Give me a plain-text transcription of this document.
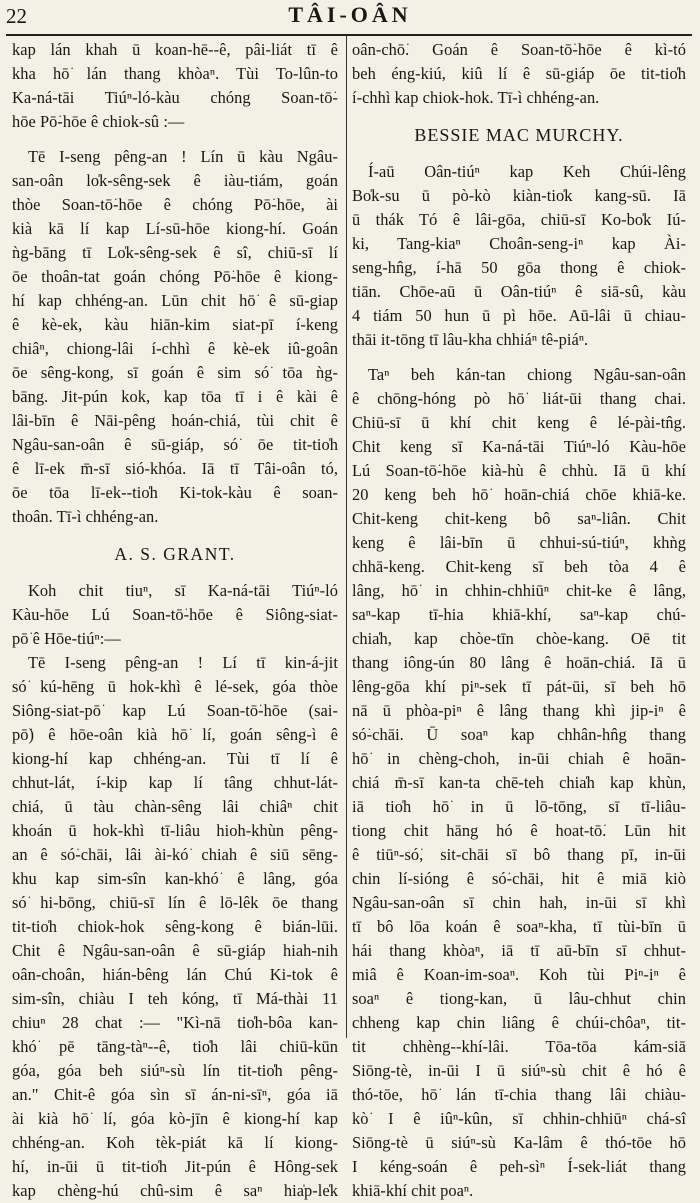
22	TÂI-OÂN
kap lán khah ū koan-hē--ê, pâi-liát tī ê
kha hō͘ lán thang khòaⁿ. Tùi To-lûn-to
Ka-ná-tāi Tiúⁿ-ló-kàu chóng Soan-tō͘-
hōe Pō͘-hōe ê chiok-sû :—
Tē I-seng pêng-an ! Lín ū kàu Ngâu-
san-oân lo̍k-sêng-sek ê iàu-tiám, goán
thòe Soan-tō͘-hōe ê chóng Pō͘-hōe, ài
kià kā lí kap Lí-sū-hōe kiong-hí. Goán
ǹg-bāng tī Lo̍k-sêng-sek ê sî, chiū-sī lí
ōe thoân-tat goán chóng Pō͘-hōe ê kiong-
hí kap chhéng-an. Lūn chit hō͘ ê sū-giap
ê kè-ek, kàu hiān-kim siat-pī í-keng
chiâⁿ, chiong-lâi í-chhì ê kè-ek iû-goân
ōe sêng-kong, sī goán ê sim só͘ tōa ǹg-
bāng. Jit-pún kok, kap tōa tī i ê kài ê
lâi-bīn ê Nāi-pêng hoán-chiá, tùi chit ê
Ngâu-san-oân ê sū-giáp, só͘ ōe tit-tio̍h
ê lī-ek m̄-sī sió-khóa. Iā tī Tâi-oân tó,
ōe tōa lī-ek--tio̍h Ki-tok-kàu ê soan-
thoân. Tī-ì chhéng-an.
A. S. GRANT.
Koh chit tiuⁿ, sī Ka-ná-tāi Tiúⁿ-ló
Kàu-hōe Lú Soan-tō͘-hōe ê Siông-siat-
pō͘ ê Hōe-tiúⁿ:—
Tē I-seng pêng-an ! Lí tī kin-á-jit
só͘ kú-hēng ū hok-khì ê lé-sek, góa thòe
Siông-siat-pō͘ kap Lú Soan-tō͘-hōe (sai-
pō͘) ê hōe-oân kià hō͘ lí, goán sêng-ì ê
kiong-hí kap chhéng-an. Tùi tī lí ê
chhut-lát, í-kip kap lí tâng chhut-lát-
chiá, ū tàu chàn-sêng lâi chiâⁿ chit
khoán ū hok-khì tī-liâu hioh-khùn pêng-
an ê só͘-chāi, lâi ài-kó͘ chiah ê siū sēng-
khu kap sim-sîn kan-khó͘ ê lâng, góa
só͘ hi-bōng, chiū-sī lín ê lō-lêk ōe thang
tit-tio̍h chiok-hok sêng-kong ê bián-lūi.
Chit ê Ngâu-san-oân ê sū-giáp hiah-nih
oân-choân, hián-bêng lán Chú Ki-tok ê
sim-sîn, chiàu I teh kóng, tī Má-thài 11
chiuⁿ 28 chat :— "Kì-nā tio̍h-bôa kan-
khó͘ pē tāng-tàⁿ--ê, tio̍h lâi chiū-kūn
góa, góa beh siúⁿ-sù lín tit-tio̍h pêng-
an." Chit-ê góa sìn sī án-ni-sīⁿ, góa iā
ài kià hō͘ lí, góa kò-jīn ê kiong-hí kap
chhéng-an. Koh tèk-piát kā lí kiong-
hí, in-ūi ū tit-tio̍h Jit-pún ê Hông-sek
kap chèng-hú chû-sim ê saⁿ hia̍p-le̍k
oân-chō͘. Goán ê Soan-tō͘-hōe ê kì-tó
beh éng-kiú, kiû lí ê sū-giáp ōe tit-tio̍h
í-chhì kap chiok-hok. Tī-ì chhéng-an.
BESSIE MAC MURCHY.
Í-aū Oân-tiúⁿ kap Keh Chúi-lêng
Bo̍k-su ū pò-kò kiàn-tio̍k kang-sū. Iā
ū thák Tó ê lâi-gōa, chiū-sī Ko-bo̍k Iú-
ki, Tang-kiaⁿ Choân-seng-iⁿ kap Ài-
seng-hn̂g, í-hā 50 gōa thong ê chiok-
tiān. Chōe-aū ū Oân-tiúⁿ ê siā-sû, kàu
4 tiám 50 hun ū pì hōe. Aū-lâi ū chiau-
thāi it-tōng tī lâu-kha chhiáⁿ tê-piáⁿ.
Taⁿ beh kán-tan chiong Ngâu-san-oân
ê chōng-hóng pò hō͘ liát-ūi thang chai.
Chiū-sī ū khí chit keng ê lé-pài-tn̂g.
Chit keng sī Ka-ná-tāi Tiúⁿ-ló Kàu-hōe
Lú Soan-tō͘-hōe kià-hù ê chhù. Iā ū khí
20 keng beh hō͘ hoān-chiá chōe khiā-ke.
Chit-keng chit-keng bô saⁿ-liân. Chit
keng ê lâi-bīn ū chhui-sú-tiúⁿ, khǹg
chhā-keng. Chit-keng sī beh tòa 4 ê
lâng, hō͘ in chhin-chhiūⁿ chit-ke ê lâng,
saⁿ-kap tī-hia khiā-khí, saⁿ-kap chú-
chia̍h, kap chòe-tīn chòe-kang. Oē tit
thang iông-ún 80 lâng ê hoān-chiá. Iā ū
lêng-gōa khí piⁿ-sek tī pát-ūi, sī beh hō͘
nā ū phòa-piⁿ ê lâng thang khì jip-iⁿ ê
só͘-chāi. Ū soaⁿ kap chhân-hn̂g thang
hō͘ in chèng-choh, in-ūi chiah ê hoān-
chiá m̄-sī kan-ta chē-teh chia̍h kap khùn,
iā tio̍h hō͘ in ū lō-tōng, sī tī-liâu-
tiong chit hāng hó ê hoat-tō͘. Lūn hit
ê tiūⁿ-só͘, sit-chāi sī bô thang pī, in-ūi
chin lí-sióng ê só͘-chāi, hit ê miā kiò
Ngâu-san-oân sī chin hah, in-ūi sī khì
tī bô lōa koán ê soaⁿ-kha, tī tùi-bīn ū
hái thang khòaⁿ, iā tī aū-bīn sī chhut-
miâ ê Koan-im-soaⁿ. Koh tùi Piⁿ-iⁿ ê
soaⁿ ê tiong-kan, ū lâu-chhut chin
chheng kap chin liâng ê chúi-chôaⁿ, tit-
tit chhèng--khí-lâi. Tōa-tōa kám-siā
Siōng-tè, in-ūi I ū siúⁿ-sù chit ê hó ê
thó-tōe, hō͘ lán tī-chia thang lâi chiàu-
kò͘ I ê iûⁿ-kûn, sī chhin-chhiūⁿ chá-sî
Siōng-tè ū siúⁿ-sù Ka-lâm ê thó-tōe hō͘
I kéng-soán ê peh-sìⁿ Í-sek-liát thang
khiā-khí chit poaⁿ.
